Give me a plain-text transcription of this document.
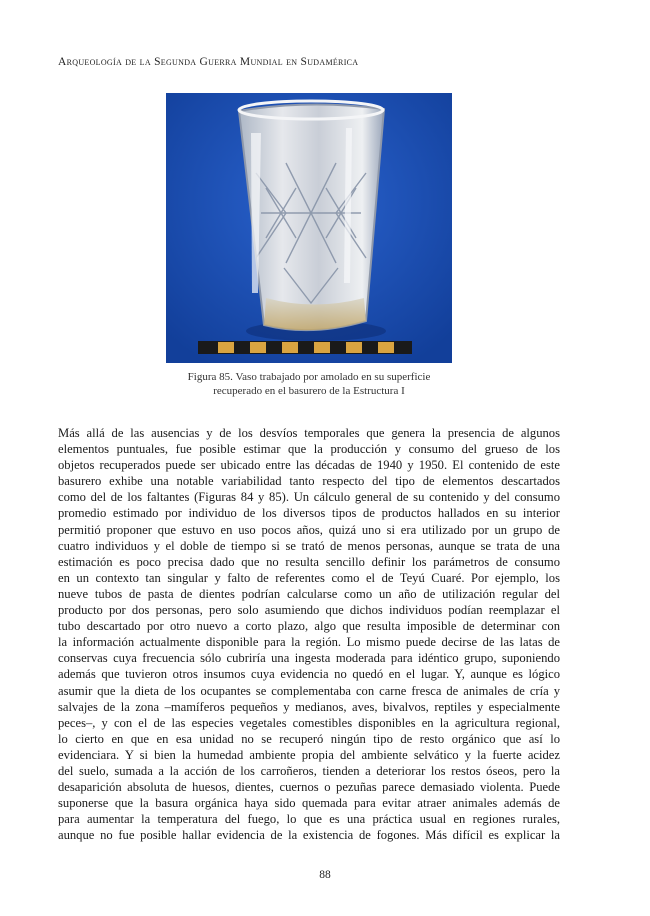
Arqueología de la Segunda Guerra Mundial en Sudamérica
Figura 85. Vaso trabajado por amolado en su superficie
recuperado en el basurero de la Estructura I
Más allá de las ausencias y de los desvíos temporales que genera la presencia de algunos
elementos puntuales, fue posible estimar que la producción y consumo del grueso de los
objetos recuperados puede ser ubicado entre las décadas de 1940 y 1950. El contenido de este
basurero exhibe una notable variabilidad tanto respecto del tipo de elementos descartados
como del de los faltantes (Figuras 84 y 85). Un cálculo general de su contenido y del consumo
promedio estimado por individuo de los diversos tipos de productos hallados en su interior
permitió proponer que estuvo en uso pocos años, quizá uno si era utilizado por un grupo de
cuatro individuos y el doble de tiempo si se trató de menos personas, aunque se trata de una
estimación es poco precisa dado que no resulta sencillo definir los parámetros de consumo
en un contexto tan singular y falto de referentes como el de Teyú Cuaré. Por ejemplo, los
nueve tubos de pasta de dientes podrían calcularse como un año de utilización regular del
producto por dos personas, pero solo asumiendo que dichos individuos podían reemplazar el
tubo descartado por otro nuevo a corto plazo, algo que resulta imposible de determinar con
la información actualmente disponible para la región. Lo mismo puede decirse de las latas de
conservas cuya frecuencia sólo cubriría una ingesta moderada para idéntico grupo, suponiendo
además que tuvieron otros insumos cuya evidencia no quedó en el lugar. Y, aunque es lógico
asumir que la dieta de los ocupantes se complementaba con carne fresca de animales de cría y
salvajes de la zona –mamíferos pequeños y medianos, aves, bivalvos, reptiles y especialmente
peces–, y con el de las especies vegetales comestibles disponibles en la agricultura regional,
lo cierto en que en esa unidad no se recuperó ningún tipo de resto orgánico que así lo
evidenciara. Y si bien la humedad ambiente propia del ambiente selvático y la fuerte acidez
del suelo, sumada a la acción de los carroñeros, tienden a deteriorar los restos óseos, pero la
desaparición absoluta de huesos, dientes, cuernos o pezuñas parece demasiado violenta. Puede
suponerse que la basura orgánica haya sido quemada para evitar atraer animales además de
para aumentar la temperatura del fuego, lo que es una práctica usual en regiones rurales,
aunque no fue posible hallar evidencia de la existencia de fogones. Más difícil es explicar la
88
